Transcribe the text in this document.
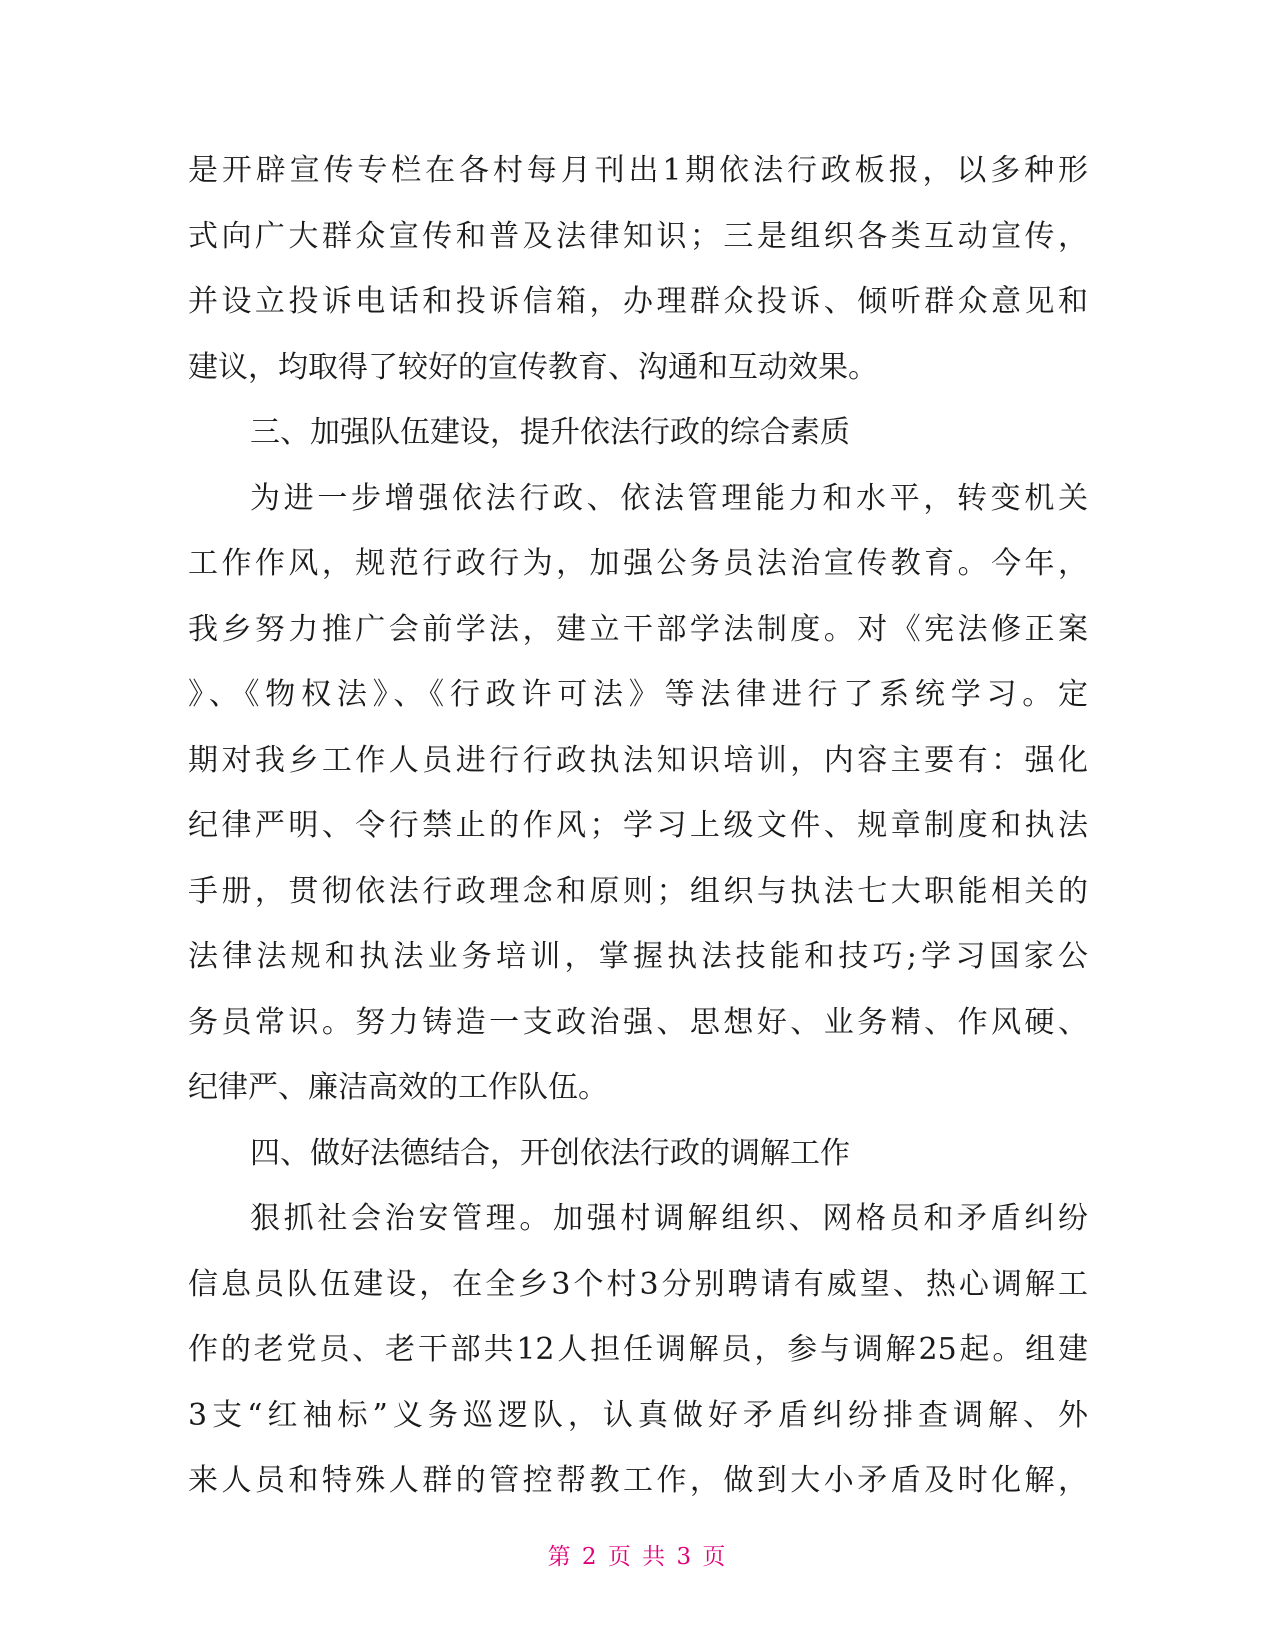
是开辟宣传专栏在各村每月刊出1期依法行政板报，以多种形
式向广大群众宣传和普及法律知识；三是组织各类互动宣传，
并设立投诉电话和投诉信箱，办理群众投诉、倾听群众意见和
建议，均取得了较好的宣传教育、沟通和互动效果。
三、加强队伍建设，提升依法行政的综合素质
为进一步增强依法行政、依法管理能力和水平，转变机关
工作作风，规范行政行为，加强公务员法治宣传教育。今年，
我乡努力推广会前学法，建立干部学法制度。对《宪法修正案
》、《物权法》、《行政许可法》等法律进行了系统学习。定
期对我乡工作人员进行行政执法知识培训，内容主要有：强化
纪律严明、令行禁止的作风；学习上级文件、规章制度和执法
手册，贯彻依法行政理念和原则；组织与执法七大职能相关的
法律法规和执法业务培训，掌握执法技能和技巧;学习国家公
务员常识。努力铸造一支政治强、思想好、业务精、作风硬、
纪律严、廉洁高效的工作队伍。
四、做好法德结合，开创依法行政的调解工作
狠抓社会治安管理。加强村调解组织、网格员和矛盾纠纷
信息员队伍建设，在全乡3个村3分别聘请有威望、热心调解工
作的老党员、老干部共12人担任调解员，参与调解25起。组建
3支“红袖标”义务巡逻队，认真做好矛盾纠纷排查调解、外
来人员和特殊人群的管控帮教工作，做到大小矛盾及时化解，
第 2 页 共 3 页
